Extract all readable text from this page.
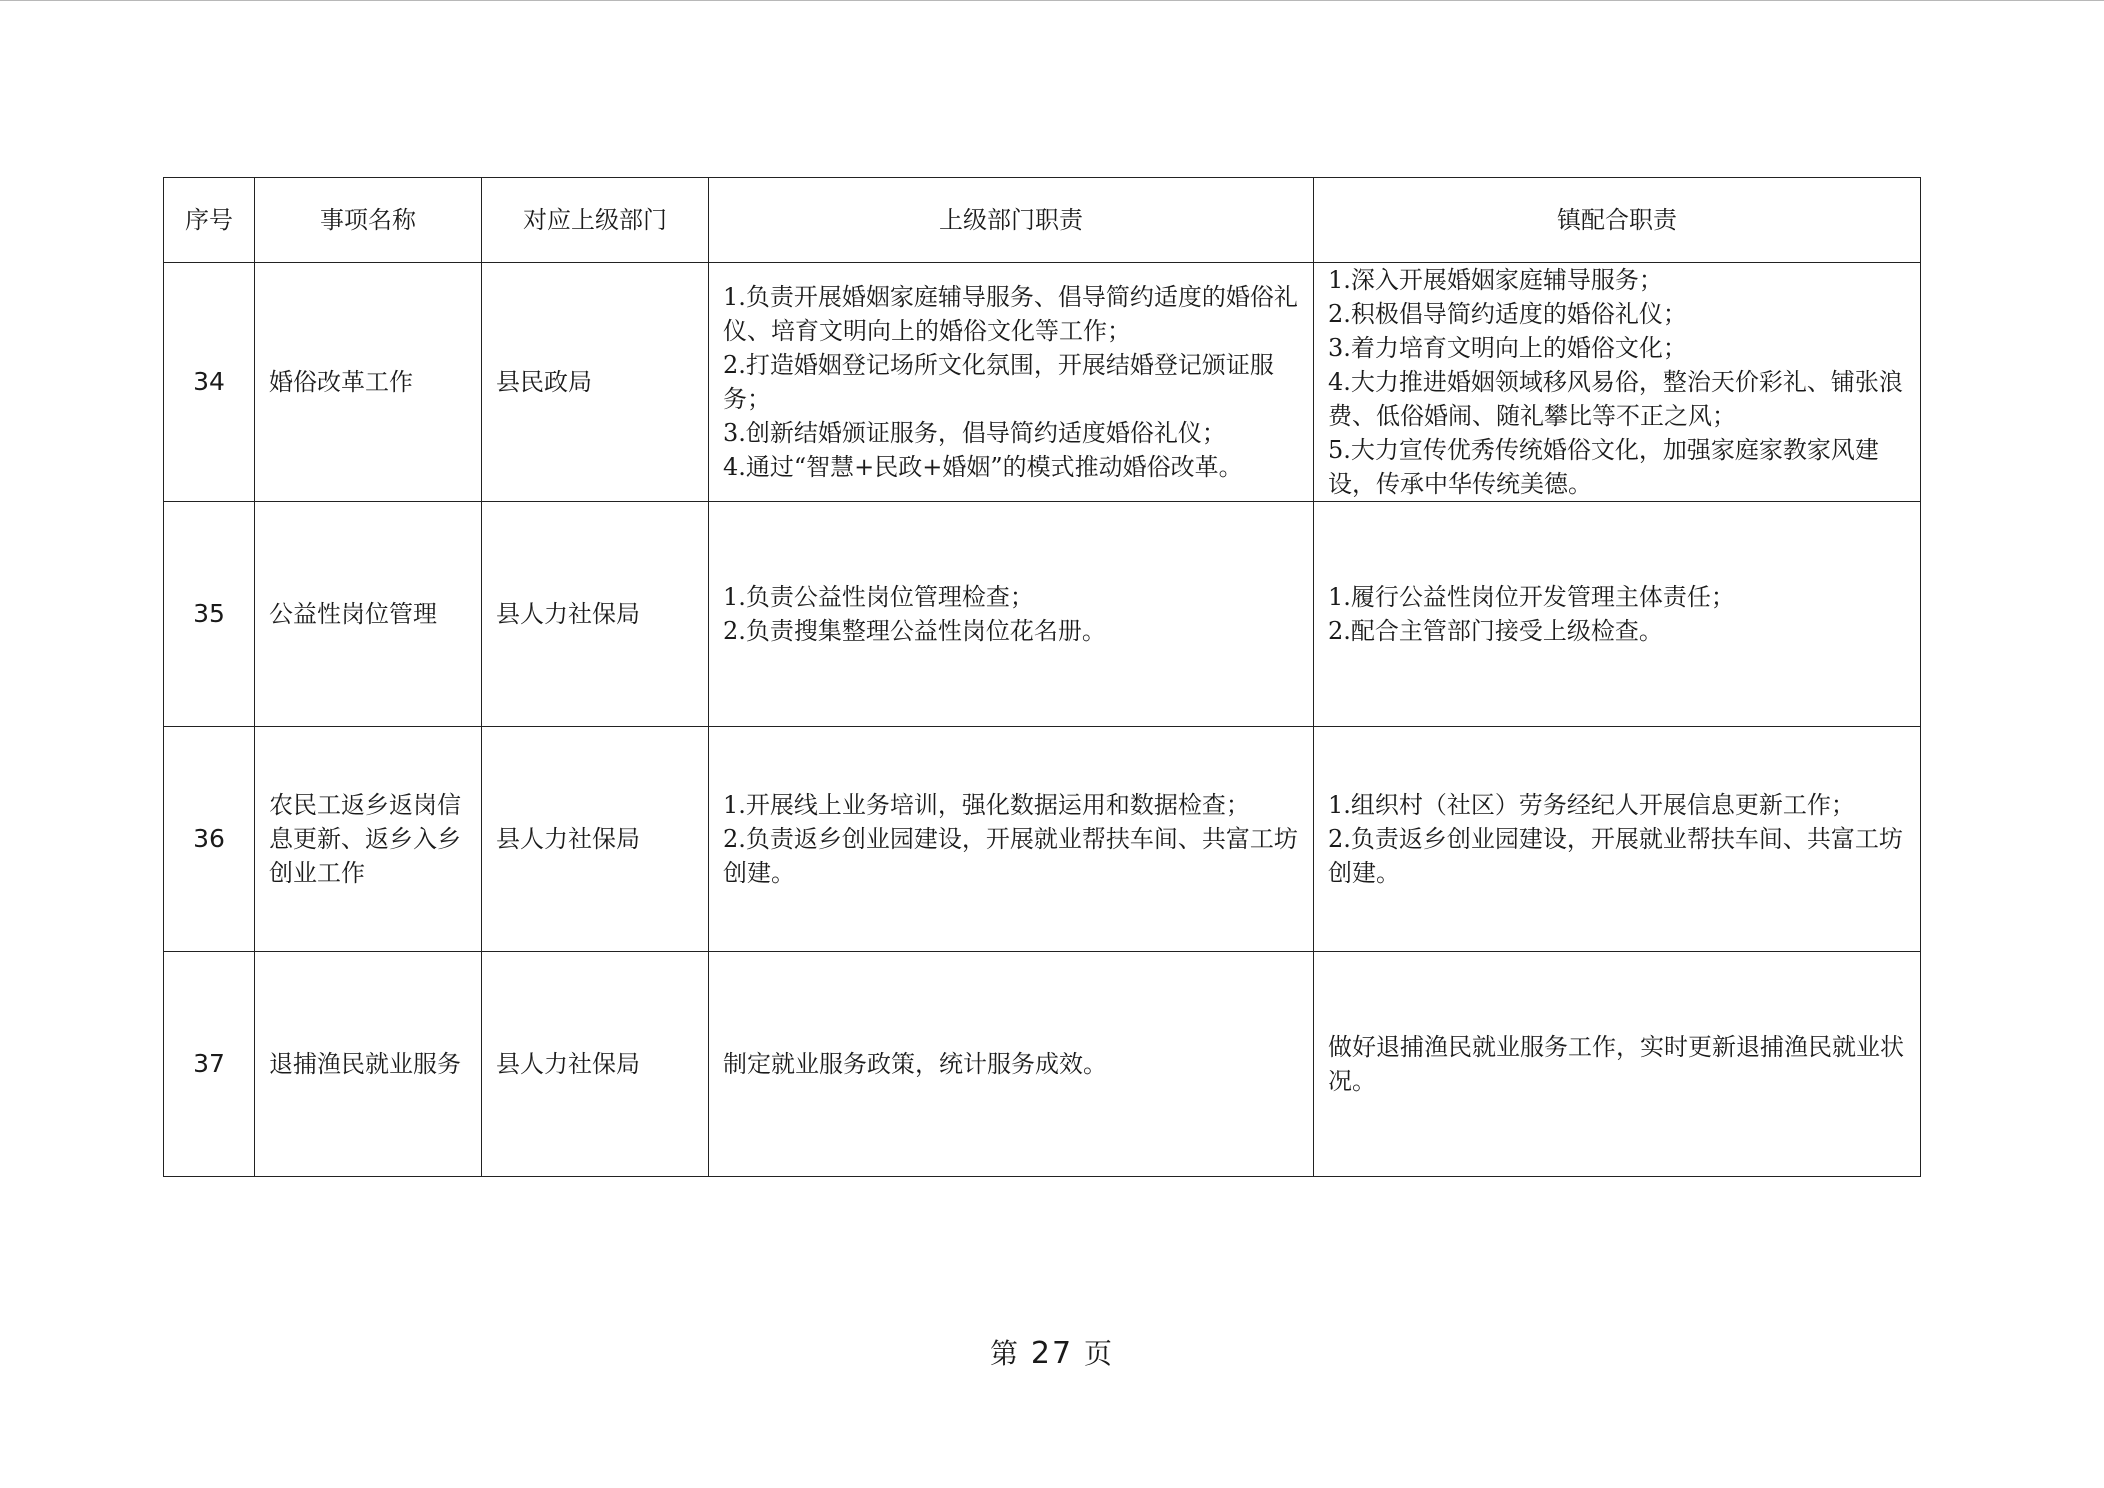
序号	事项名称	对应上级部门	上级部门职责	镇配合职责
34	婚俗改革工作	县民政局	1.负责开展婚姻家庭辅导服务、倡导简约适度的婚俗礼仪、培育文明向上的婚俗文化等工作；
2.打造婚姻登记场所文化氛围，开展结婚登记颁证服务；
3.创新结婚颁证服务，倡导简约适度婚俗礼仪；
4.通过“智慧+民政+婚姻”的模式推动婚俗改革。	1.深入开展婚姻家庭辅导服务；
2.积极倡导简约适度的婚俗礼仪；
3.着力培育文明向上的婚俗文化；
4.大力推进婚姻领域移风易俗，整治天价彩礼、铺张浪费、低俗婚闹、随礼攀比等不正之风；
5.大力宣传优秀传统婚俗文化，加强家庭家教家风建设，传承中华传统美德。
35	公益性岗位管理	县人力社保局	1.负责公益性岗位管理检查；
2.负责搜集整理公益性岗位花名册。	1.履行公益性岗位开发管理主体责任；
2.配合主管部门接受上级检查。
36	农民工返乡返岗信息更新、返乡入乡创业工作	县人力社保局	1.开展线上业务培训，强化数据运用和数据检查；
2.负责返乡创业园建设，开展就业帮扶车间、共富工坊创建。	1.组织村（社区）劳务经纪人开展信息更新工作；
2.负责返乡创业园建设，开展就业帮扶车间、共富工坊创建。
37	退捕渔民就业服务	县人力社保局	制定就业服务政策，统计服务成效。	做好退捕渔民就业服务工作，实时更新退捕渔民就业状况。
第 27 页
